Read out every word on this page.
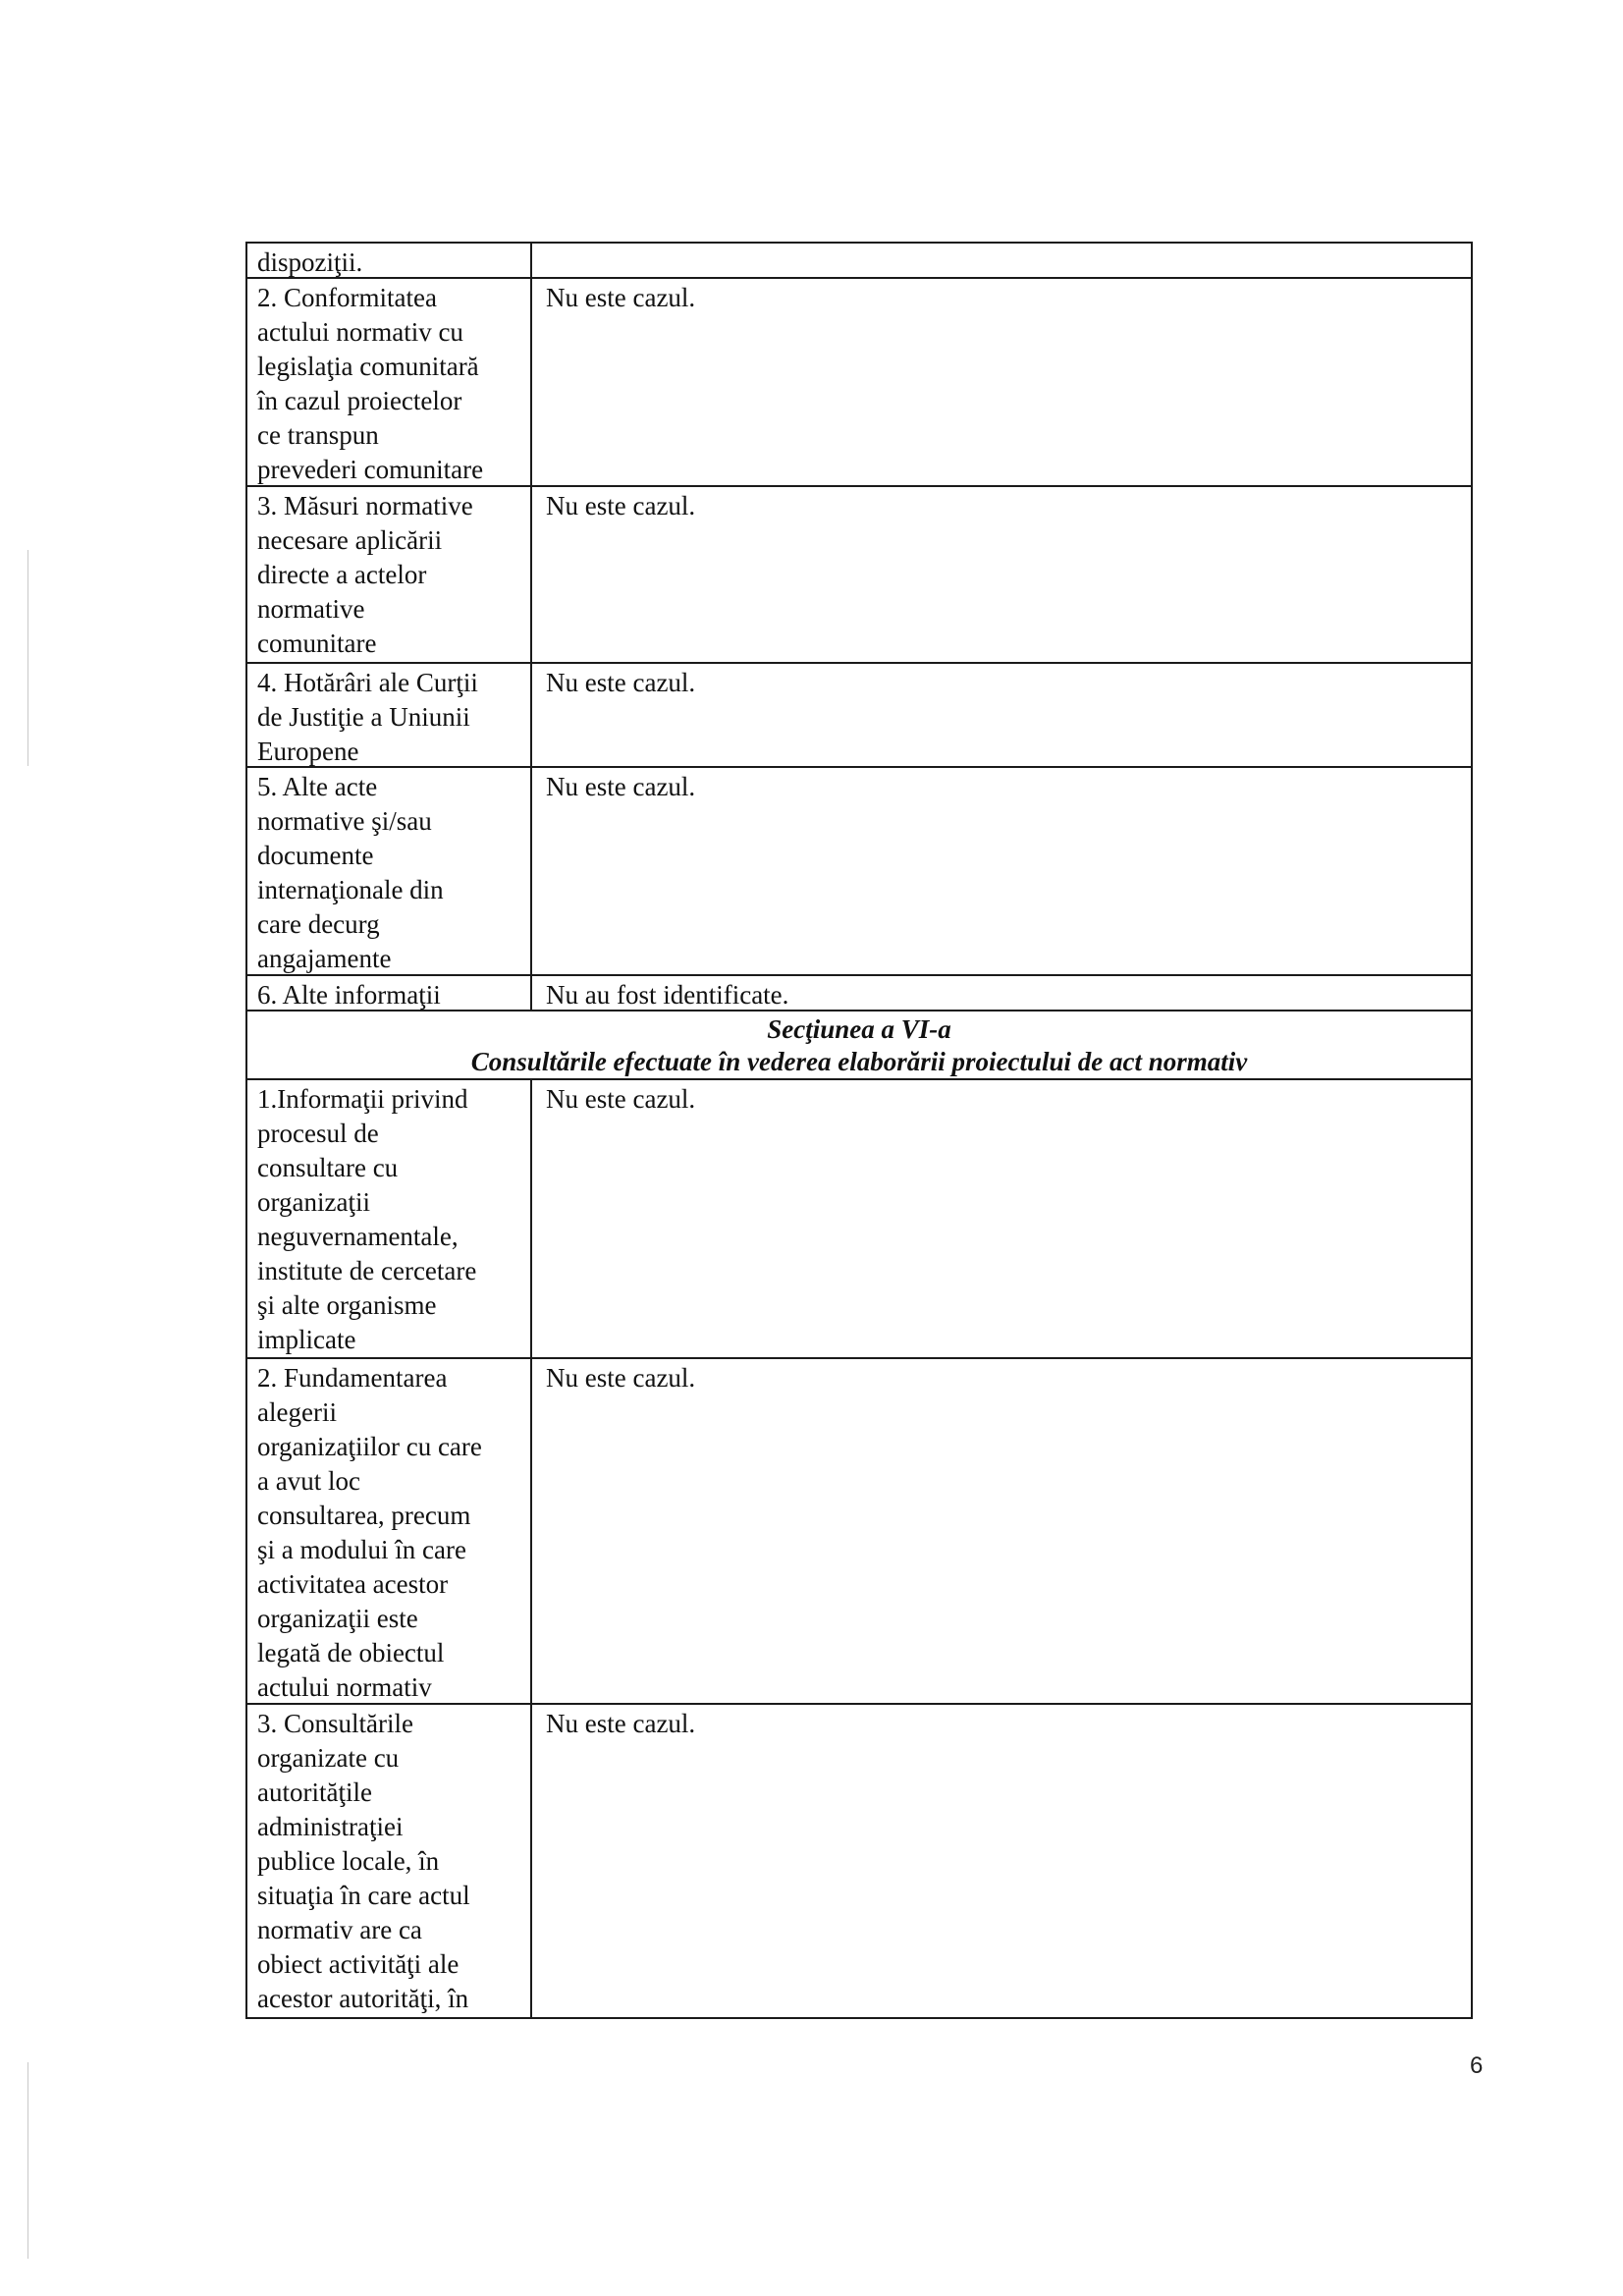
dispoziţii.
2. Conformitatea
actului normativ cu
legislaţia comunitară
în cazul proiectelor
ce transpun
prevederi comunitare
Nu este cazul.
3. Măsuri normative
necesare aplicării
directe a actelor
normative
comunitare
Nu este cazul.
4. Hotărâri ale Curţii
de Justiţie a Uniunii
Europene
Nu este cazul.
5. Alte acte
normative şi/sau
documente
internaţionale din
care decurg
angajamente
Nu este cazul.
6. Alte informaţii	Nu au fost identificate.
Secţiunea a VI-a
Consultările efectuate în vederea elaborării proiectului de act normativ
1.Informaţii privind
procesul de
consultare cu
organizaţii
neguvernamentale,
institute de cercetare
şi alte organisme
implicate
Nu este cazul.
2. Fundamentarea
alegerii
organizaţiilor cu care
a avut loc
consultarea, precum
şi a modului în care
activitatea acestor
organizaţii este
legată de obiectul
actului normativ
Nu este cazul.
3. Consultările
organizate cu
autorităţile
administraţiei
publice locale, în
situaţia în care actul
normativ are ca
obiect activităţi ale
acestor autorităţi, în
Nu este cazul.
6
